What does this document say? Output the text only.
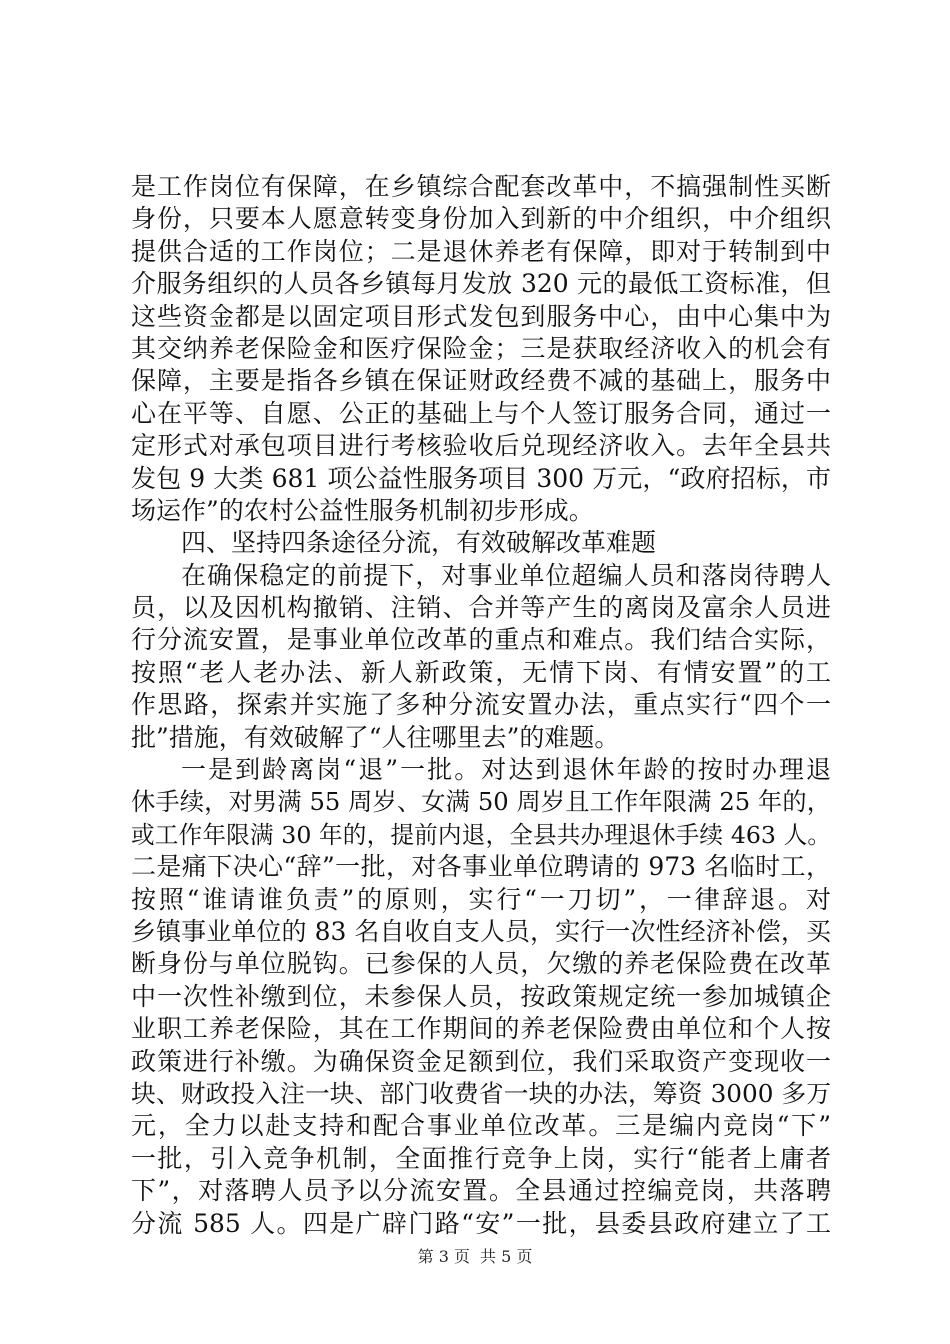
是工作岗位有保障，在乡镇综合配套改革中，不搞强制性买断
身份，只要本人愿意转变身份加入到新的中介组织，中介组织
提供合适的工作岗位；二是退休养老有保障，即对于转制到中
介服务组织的人员各乡镇每月发放 320 元的最低工资标准，但
这些资金都是以固定项目形式发包到服务中心，由中心集中为
其交纳养老保险金和医疗保险金；三是获取经济收入的机会有
保障，主要是指各乡镇在保证财政经费不减的基础上，服务中
心在平等、自愿、公正的基础上与个人签订服务合同，通过一
定形式对承包项目进行考核验收后兑现经济收入。去年全县共
发包 9 大类 681 项公益性服务项目 300 万元，“政府招标，市
场运作”的农村公益性服务机制初步形成。
四、坚持四条途径分流，有效破解改革难题
在确保稳定的前提下，对事业单位超编人员和落岗待聘人
员，以及因机构撤销、注销、合并等产生的离岗及富余人员进
行分流安置，是事业单位改革的重点和难点。我们结合实际，
按照“老人老办法、新人新政策，无情下岗、有情安置”的工
作思路，探索并实施了多种分流安置办法，重点实行“四个一
批”措施，有效破解了“人往哪里去”的难题。
一是到龄离岗“退”一批。对达到退休年龄的按时办理退
休手续，对男满 55 周岁、女满 50 周岁且工作年限满 25 年的，
或工作年限满 30 年的，提前内退，全县共办理退休手续 463 人。
二是痛下决心“辞”一批，对各事业单位聘请的 973 名临时工，
按照“谁请谁负责”的原则，实行“一刀切”，一律辞退。对
乡镇事业单位的 83 名自收自支人员，实行一次性经济补偿，买
断身份与单位脱钩。已参保的人员，欠缴的养老保险费在改革
中一次性补缴到位，未参保人员，按政策规定统一参加城镇企
业职工养老保险，其在工作期间的养老保险费由单位和个人按
政策进行补缴。为确保资金足额到位，我们采取资产变现收一
块、财政投入注一块、部门收费省一块的办法，筹资 3000 多万
元，全力以赴支持和配合事业单位改革。三是编内竞岗“下”
一批，引入竞争机制，全面推行竞争上岗，实行“能者上庸者
下”，对落聘人员予以分流安置。全县通过控编竞岗，共落聘
分流 585 人。四是广辟门路“安”一批，县委县政府建立了工
第 3 页 共 5 页
